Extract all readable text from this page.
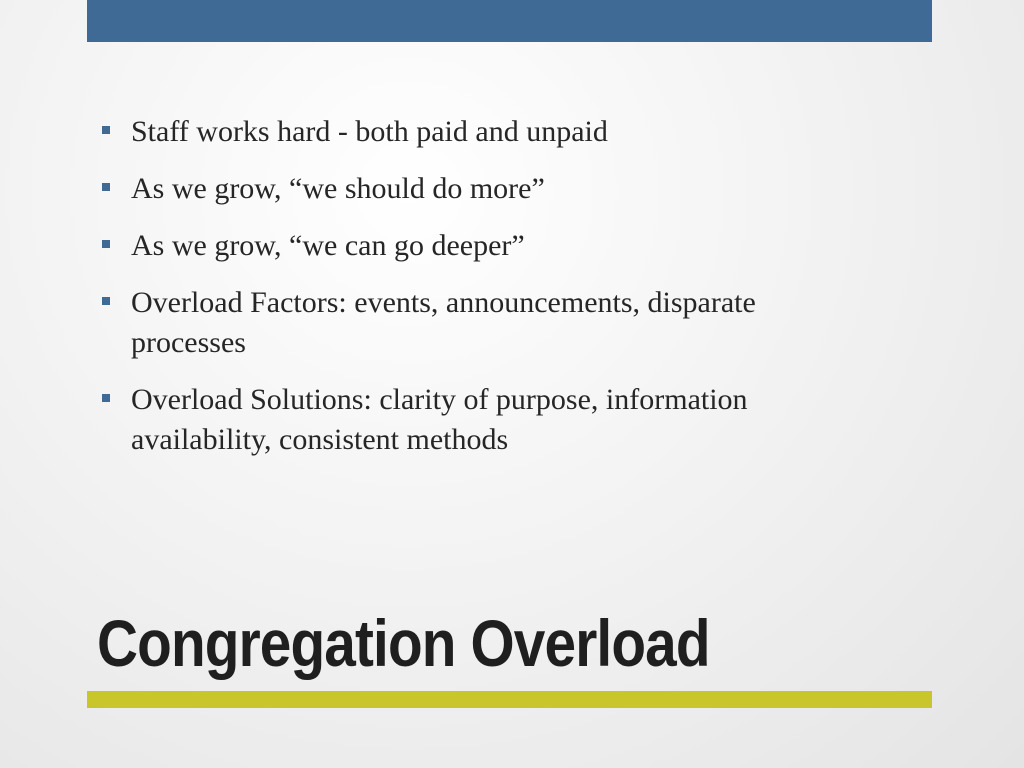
Staff works hard - both paid and unpaid
As we grow, “we should do more”
As we grow, “we can go deeper”
Overload Factors: events, announcements, disparate processes
Overload Solutions: clarity of purpose, information availability, consistent methods
Congregation Overload
